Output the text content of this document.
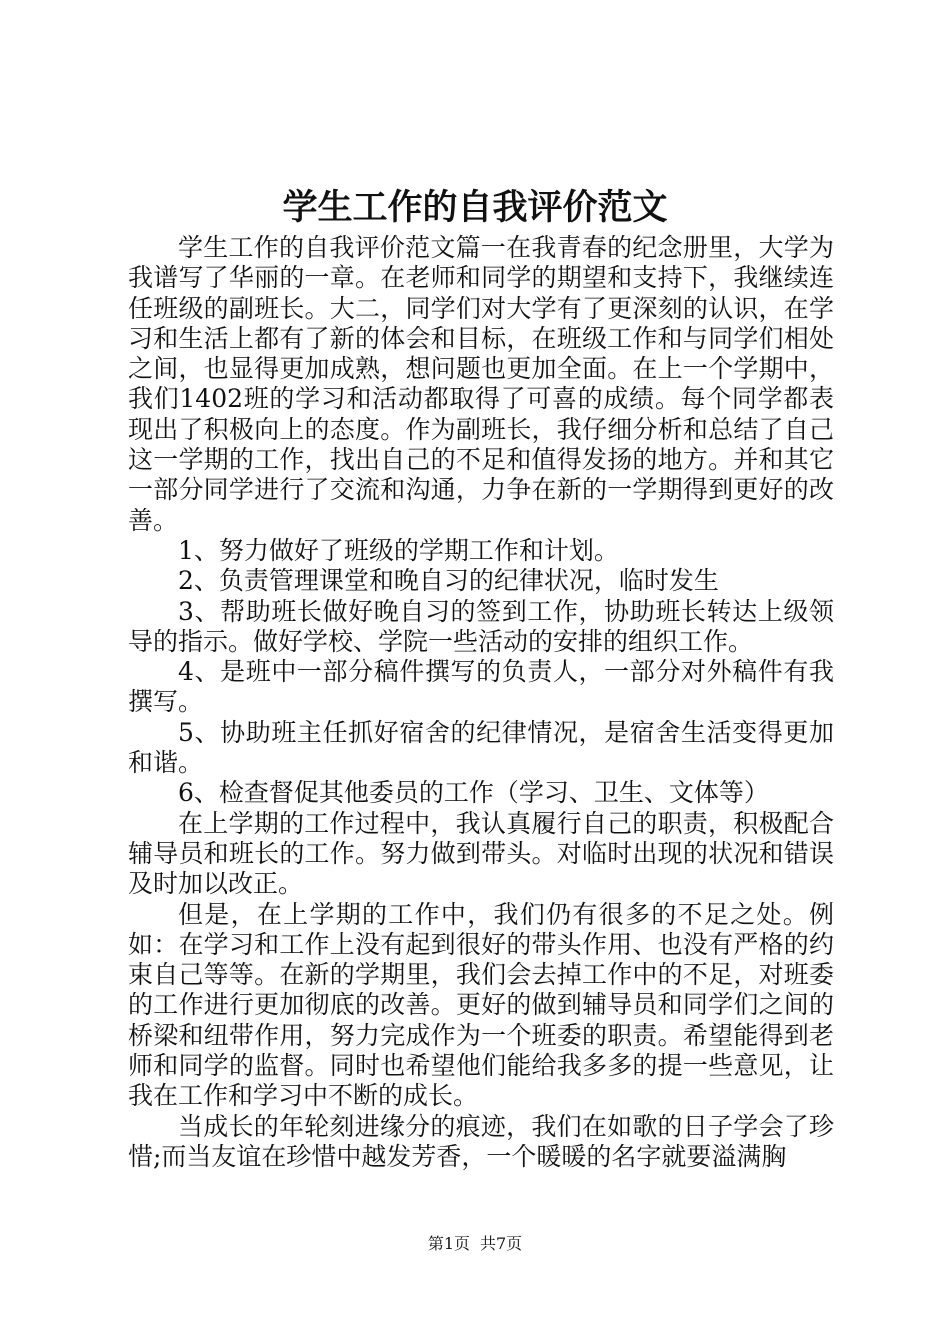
学生工作的自我评价范文

学生工作的自我评价范文篇一在我青春的纪念册里，大学为我谱写了华丽的一章。在老师和同学的期望和支持下，我继续连任班级的副班长。大二，同学们对大学有了更深刻的认识，在学习和生活上都有了新的体会和目标，在班级工作和与同学们相处之间，也显得更加成熟，想问题也更加全面。在上一个学期中，我们1402班的学习和活动都取得了可喜的成绩。每个同学都表现出了积极向上的态度。作为副班长，我仔细分析和总结了自己这一学期的工作，找出自己的不足和值得发扬的地方。并和其它一部分同学进行了交流和沟通，力争在新的一学期得到更好的改善。

1、努力做好了班级的学期工作和计划。

2、负责管理课堂和晚自习的纪律状况，临时发生

3、帮助班长做好晚自习的签到工作，协助班长转达上级领导的指示。做好学校、学院一些活动的安排的组织工作。

4、是班中一部分稿件撰写的负责人，一部分对外稿件有我撰写。

5、协助班主任抓好宿舍的纪律情况，是宿舍生活变得更加和谐。

6、检查督促其他委员的工作（学习、卫生、文体等）

在上学期的工作过程中，我认真履行自己的职责，积极配合辅导员和班长的工作。努力做到带头。对临时出现的状况和错误及时加以改正。

但是，在上学期的工作中，我们仍有很多的不足之处。例如：在学习和工作上没有起到很好的带头作用、也没有严格的约束自己等等。在新的学期里，我们会去掉工作中的不足，对班委的工作进行更加彻底的改善。更好的做到辅导员和同学们之间的桥梁和纽带作用，努力完成作为一个班委的职责。希望能得到老师和同学的监督。同时也希望他们能给我多多的提一些意见，让我在工作和学习中不断的成长。

当成长的年轮刻进缘分的痕迹，我们在如歌的日子学会了珍惜;而当友谊在珍惜中越发芳香，一个暖暖的名字就要溢满胸

第1页 共7页
